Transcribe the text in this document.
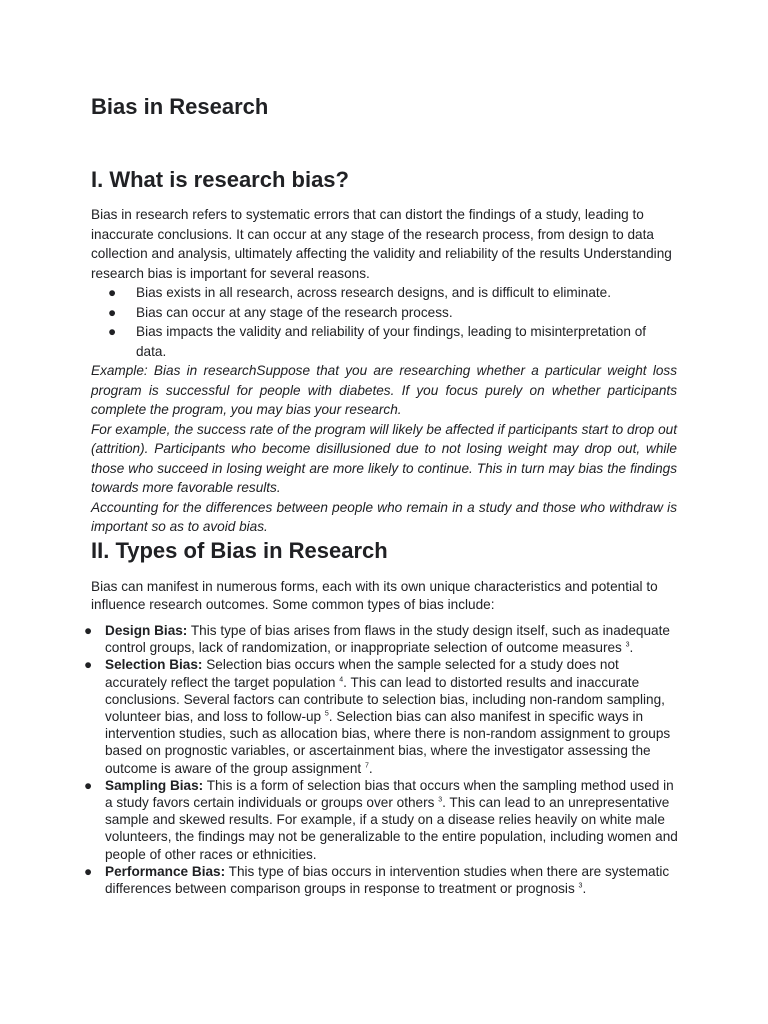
Bias in Research
I. What is research bias?

Bias in research refers to systematic errors that can distort the findings of a study, leading to inaccurate conclusions. It can occur at any stage of the research process, from design to data collection and analysis, ultimately affecting the validity and reliability of the results Understanding research bias is important for several reasons.

● Bias exists in all research, across research designs, and is difficult to eliminate.
● Bias can occur at any stage of the research process.
● Bias impacts the validity and reliability of your findings, leading to misinterpretation of data.

Example: Bias in researchSuppose that you are researching whether a particular weight loss program is successful for people with diabetes. If you focus purely on whether participants complete the program, you may bias your research.

For example, the success rate of the program will likely be affected if participants start to drop out (attrition). Participants who become disillusioned due to not losing weight may drop out, while those who succeed in losing weight are more likely to continue. This in turn may bias the findings towards more favorable results.

Accounting for the differences between people who remain in a study and those who withdraw is important so as to avoid bias.

II. Types of Bias in Research

Bias can manifest in numerous forms, each with its own unique characteristics and potential to influence research outcomes. Some common types of bias include:

● Design Bias: This type of bias arises from flaws in the study design itself, such as inadequate control groups, lack of randomization, or inappropriate selection of outcome measures $^3$.
● Selection Bias: Selection bias occurs when the sample selected for a study does not accurately reflect the target population $^4$. This can lead to distorted results and inaccurate conclusions. Several factors can contribute to selection bias, including non-random sampling, volunteer bias, and loss to follow-up $^5$. Selection bias can also manifest in specific ways in intervention studies, such as allocation bias, where there is non-random assignment to groups based on prognostic variables, or ascertainment bias, where the investigator assessing the outcome is aware of the group assignment $^7$.
● Sampling Bias: This is a form of selection bias that occurs when the sampling method used in a study favors certain individuals or groups over others $^3$. This can lead to an unrepresentative sample and skewed results. For example, if a study on a disease relies heavily on white male volunteers, the findings may not be generalizable to the entire population, including women and people of other races or ethnicities.
● Performance Bias: This type of bias occurs in intervention studies when there are systematic differences between comparison groups in response to treatment or prognosis $^3$.
